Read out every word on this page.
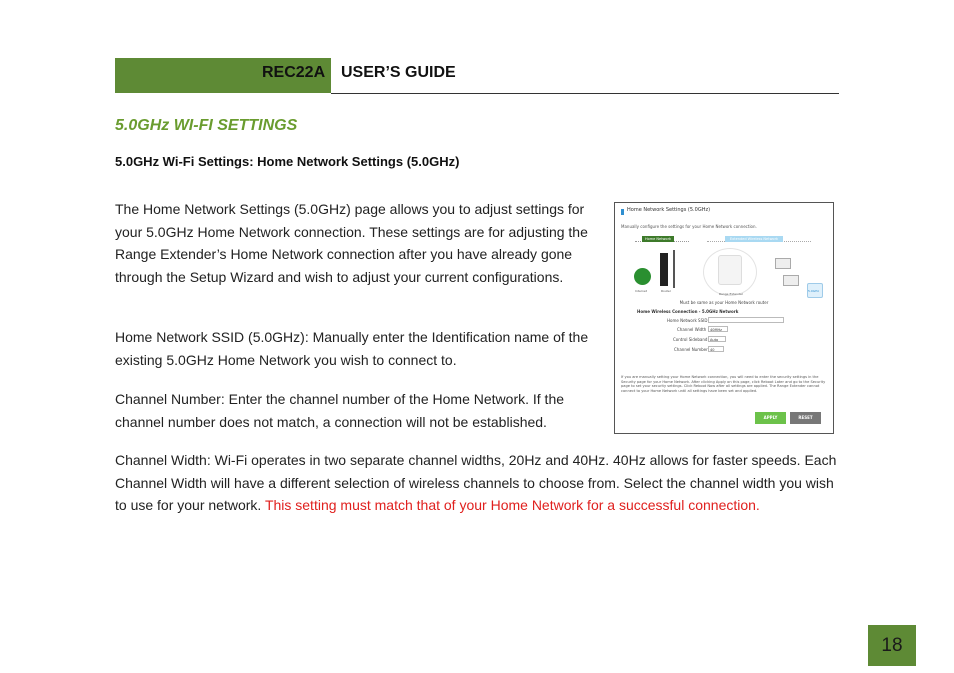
REC22A USER’S GUIDE
5.0GHz WI-FI SETTINGS
5.0GHz Wi-Fi Settings: Home Network Settings (5.0GHz)
The Home Network Settings (5.0GHz) page allows you to adjust settings for your 5.0GHz Home Network connection. These settings are for adjusting the Range Extender’s Home Network connection after you have already gone through the Setup Wizard and wish to adjust your current configurations.
Home Network SSID (5.0GHz): Manually enter the Identification name of the existing 5.0GHz Home Network you wish to connect to.
Channel Number: Enter the channel number of the Home Network. If the channel number does not match, a connection will not be established.
Channel Width: Wi-Fi operates in two separate channel widths, 20Hz and 40Hz. 40Hz allows for faster speeds. Each Channel Width will have a different selection of wireless channels to choose from. Select the channel width you wish to use for your network. This setting must match that of your Home Network for a successful connection.
Home Network Settings (5.0GHz)
Manually configure the settings for your Home Network connection.
Home Network	Extended Wireless Network
Internet	Router
Range Extender
5.0GHz
Must be same as your Home Network router
Home Wireless Connection - 5.0GHz Network
Home Network SSID
Channel Width	40MHz
Control Sideband Auto
Channel Number 40
If you are manually setting your Home Network connection, you will need to enter the security settings in the Security page for your Home Network. After clicking Apply on this page, click Reboot Later and go to the Security page to set your security settings. Click Reboot Now after all settings are applied. The Range Extender cannot connect to your Home Network until all settings have been set and applied.
APPLY	RESET
18
